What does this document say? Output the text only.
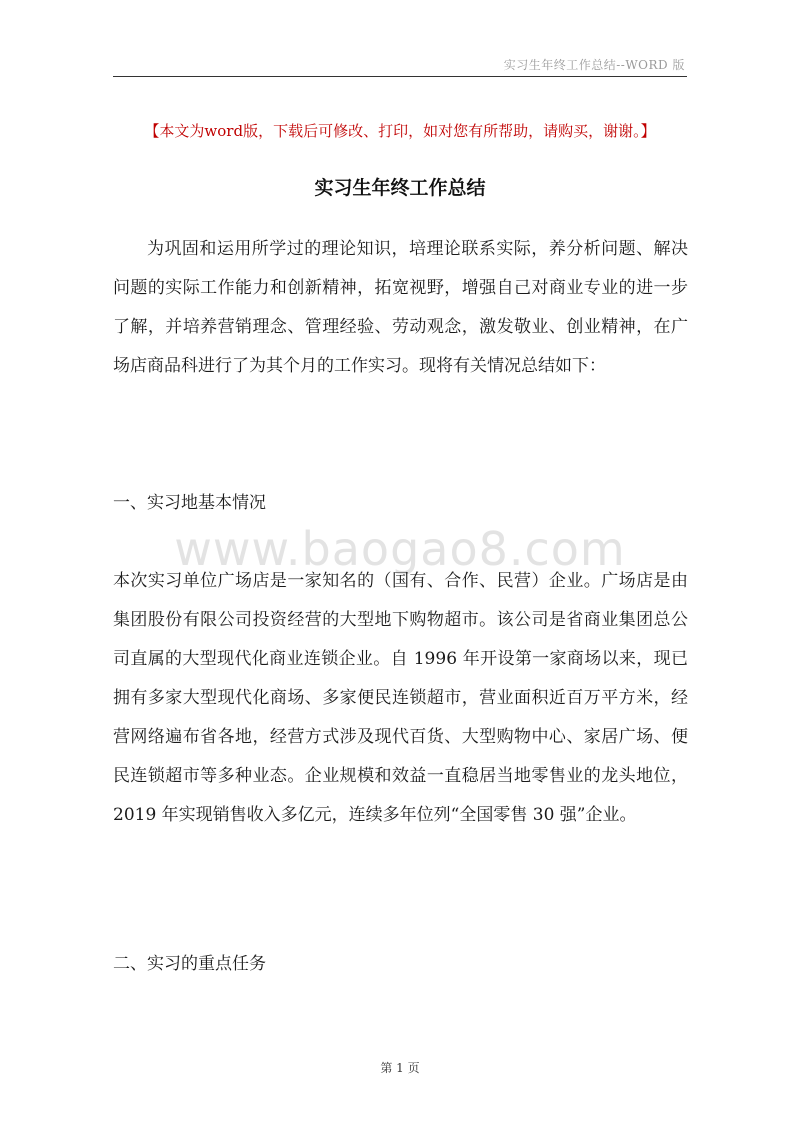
实习生年终工作总结--WORD 版
【本文为word版，下载后可修改、打印，如对您有所帮助，请购买，谢谢。】
实习生年终工作总结
为巩固和运用所学过的理论知识，培理论联系实际，养分析问题、解决问题的实际工作能力和创新精神，拓宽视野，增强自己对商业专业的进一步了解，并培养营销理念、管理经验、劳动观念，激发敬业、创业精神，在广场店商品科进行了为其个月的工作实习。现将有关情况总结如下：
一、实习地基本情况
www.baogao8.com
本次实习单位广场店是一家知名的（国有、合作、民营）企业。广场店是由集团股份有限公司投资经营的大型地下购物超市。该公司是省商业集团总公司直属的大型现代化商业连锁企业。自 1996 年开设第一家商场以来，现已拥有多家大型现代化商场、多家便民连锁超市，营业面积近百万平方米，经营网络遍布省各地，经营方式涉及现代百货、大型购物中心、家居广场、便民连锁超市等多种业态。企业规模和效益一直稳居当地零售业的龙头地位，2019 年实现销售收入多亿元，连续多年位列“全国零售 30 强”企业。
二、实习的重点任务
第 1 页
